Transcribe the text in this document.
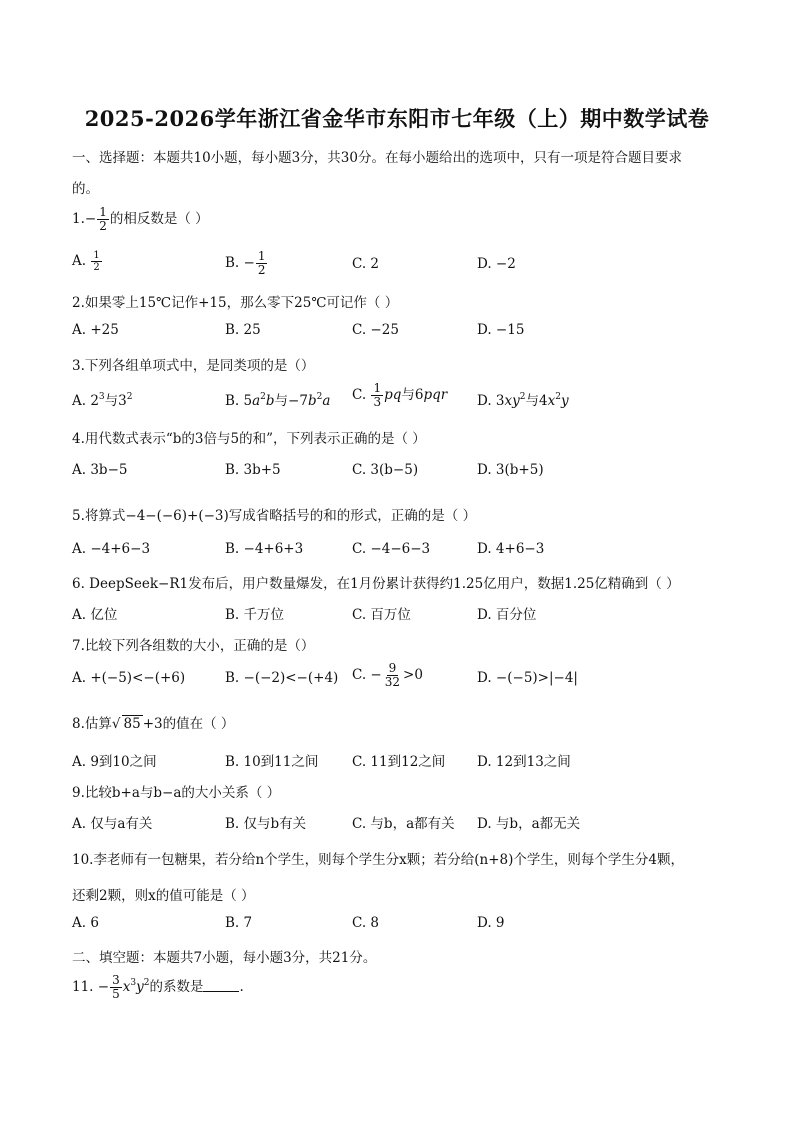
2025-2026学年浙江省金华市东阳市七年级（上）期中数学试卷
一、选择题：本题共10小题，每小题3分，共30分。在每小题给出的选项中，只有一项是符合题目要求
的。
$1.- \frac{1}{2}$ 的相反数是（ ）
A. $\frac{1}{2}$	B. − $\frac{1}{2}$	C. 2	D. −2
2.如果零上15℃记作+15，那么零下25℃可记作（ ）
A. +25	B. 25	C. −25	D. −15
3.下列各组单项式中，是同类项的是（）
A. $2^3$与$3^2$	B. $5a^2b$与$-7b^2a$ C. $\frac{1}{3}$ pq与6pqr D. $3xy^2$与$4x^2y$
4.用代数式表示“b的3倍与5的和”，下列表示正确的是（ ）
A. 3b−5	B. 3b+5	C. 3(b−5)	D. 3(b+5)
5.将算式−4−(−6)+(−3)写成省略括号的和的形式，正确的是（ ）
A. −4+6−3	B. −4+6+3	C. −4−6−3	D. 4+6−3
6. DeepSeek−R1发布后，用户数量爆发，在1月份累计获得约1.25亿用户，数据1.25亿精确到（ ）
A. 亿位	B. 千万位	C. 百万位	D. 百分位
7.比较下列各组数的大小，正确的是（）
A. +(−5)<−(+6)	B. −(−2)<−(+4) C. − $\frac{9}{32} >0$	D. −(−5)>|−4|
8.估算√ 85 +3的值在（ ）
A. 9到10之间	B. 10到11之间 C. 11到12之间 D. 12到13之间
9.比较b+a与b−a的大小关系（ ）
A. 仅与a有关	B. 仅与b有关	C. 与b，a都有关 D. 与b，a都无关
10.李老师有一包糖果，若分给n个学生，则每个学生分x颗；若分给(n+8)个学生，则每个学生分4颗，
还剩2颗，则x的值可能是（ ）
A. 6	B. 7	C. 8	D. 9
二、填空题：本题共7小题，每小题3分，共21分。
11. − $\frac{3}{5} x^3y^2$的系数是	.
